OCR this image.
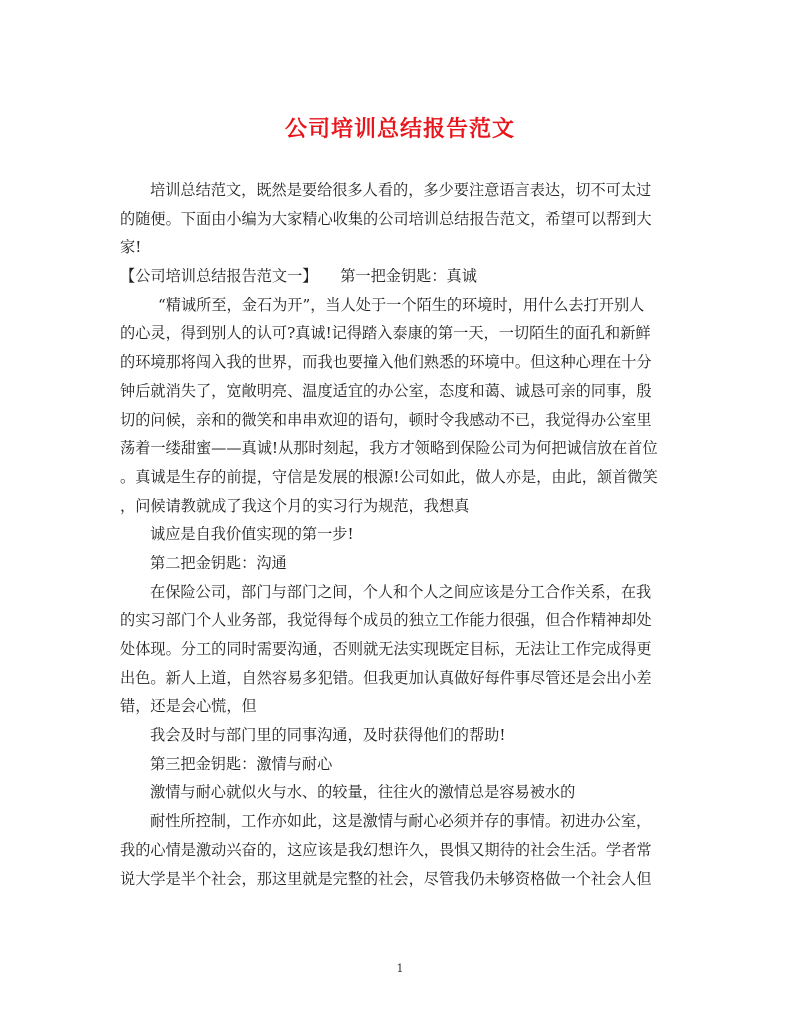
公司培训总结报告范文
培训总结范文，既然是要给很多人看的，多少要注意语言表达，切不可太过
的随便。下面由小编为大家精心收集的公司培训总结报告范文，希望可以帮到大
家!
【公司培训总结报告范文一】　　第一把金钥匙：真诚
“精诚所至，金石为开”，当人处于一个陌生的环境时，用什么去打开别人
的心灵，得到别人的认可?真诚!记得踏入泰康的第一天，一切陌生的面孔和新鲜
的环境那将闯入我的世界，而我也要撞入他们熟悉的环境中。但这种心理在十分
钟后就消失了，宽敞明亮、温度适宜的办公室，态度和蔼、诚恳可亲的同事，殷
切的问候，亲和的微笑和串串欢迎的语句，顿时令我感动不已，我觉得办公室里
荡着一缕甜蜜——真诚!从那时刻起，我方才领略到保险公司为何把诚信放在首位
。真诚是生存的前提，守信是发展的根源!公司如此，做人亦是，由此，颔首微笑
，问候请教就成了我这个月的实习行为规范，我想真
诚应是自我价值实现的第一步!
第二把金钥匙：沟通
在保险公司，部门与部门之间，个人和个人之间应该是分工合作关系，在我
的实习部门个人业务部，我觉得每个成员的独立工作能力很强，但合作精神却处
处体现。分工的同时需要沟通，否则就无法实现既定目标，无法让工作完成得更
出色。新人上道，自然容易多犯错。但我更加认真做好每件事尽管还是会出小差
错，还是会心慌，但
我会及时与部门里的同事沟通，及时获得他们的帮助!
第三把金钥匙：激情与耐心
激情与耐心就似火与水、的较量，往往火的激情总是容易被水的
耐性所控制，工作亦如此，这是激情与耐心必须并存的事情。初进办公室，
我的心情是激动兴奋的，这应该是我幻想许久，畏惧又期待的社会生活。学者常
说大学是半个社会，那这里就是完整的社会，尽管我仍未够资格做一个社会人但
1
